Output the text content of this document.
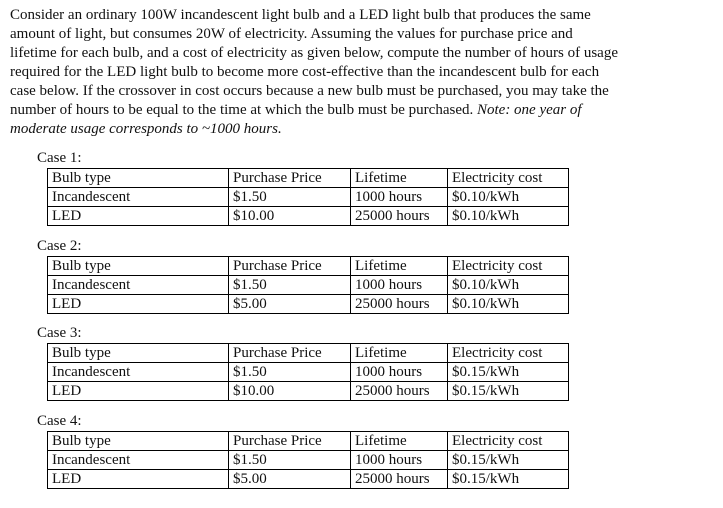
Consider an ordinary 100W incandescent light bulb and a LED light bulb that produces the same
amount of light, but consumes 20W of electricity. Assuming the values for purchase price and
lifetime for each bulb, and a cost of electricity as given below, compute the number of hours of usage
required for the LED light bulb to become more cost-effective than the incandescent bulb for each
case below. If the crossover in cost occurs because a new bulb must be purchased, you may take the
number of hours to be equal to the time at which the bulb must be purchased. Note: one year of
moderate usage corresponds to ~1000 hours.

Case 1:

Bulb type	Purchase Price	Lifetime	Electricity cost
Incandescent	$1.50	1000 hours	$0.10/kWh
LED	$10.00	25000 hours	$0.10/kWh

Case 2:

Bulb type	Purchase Price	Lifetime	Electricity cost
Incandescent	$1.50	1000 hours	$0.10/kWh
LED	$5.00	25000 hours	$0.10/kWh

Case 3:

Bulb type	Purchase Price	Lifetime	Electricity cost
Incandescent	$1.50	1000 hours	$0.15/kWh
LED	$10.00	25000 hours	$0.15/kWh

Case 4:

Bulb type	Purchase Price	Lifetime	Electricity cost
Incandescent	$1.50	1000 hours	$0.15/kWh
LED	$5.00	25000 hours	$0.15/kWh
